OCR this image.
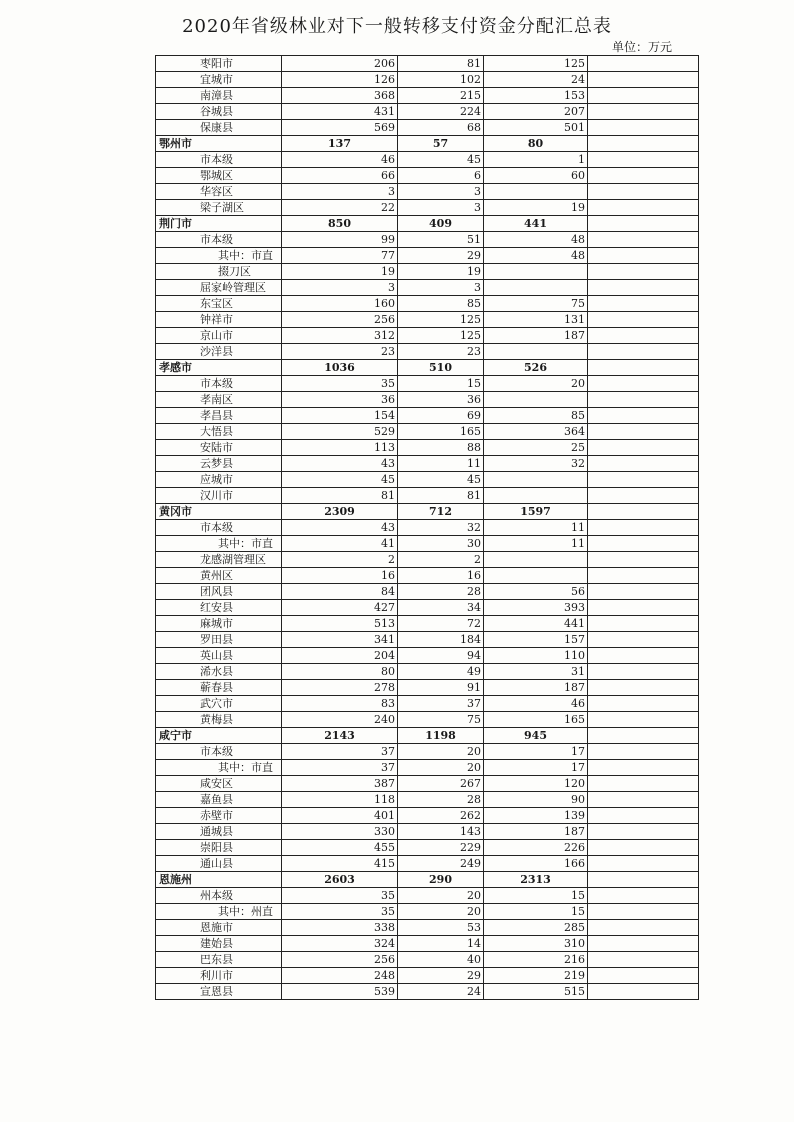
2020年省级林业对下一般转移支付资金分配汇总表
单位：万元
枣阳市	206	81	125	
宜城市	126	102	24	
南漳县	368	215	153	
谷城县	431	224	207	
保康县	569	68	501	
鄂州市	137	57	80	
市本级	46	45	1	
鄂城区	66	6	60	
华容区	3	3		
梁子湖区	22	3	19	
荆门市	850	409	441	
市本级	99	51	48	
其中：市直	77	29	48	
掇刀区	19	19		
屈家岭管理区	3	3		
东宝区	160	85	75	
钟祥市	256	125	131	
京山市	312	125	187	
沙洋县	23	23		
孝感市	1036	510	526	
市本级	35	15	20	
孝南区	36	36		
孝昌县	154	69	85	
大悟县	529	165	364	
安陆市	113	88	25	
云梦县	43	11	32	
应城市	45	45		
汉川市	81	81		
黄冈市	2309	712	1597	
市本级	43	32	11	
其中：市直	41	30	11	
龙感湖管理区	2	2		
黄州区	16	16		
团风县	84	28	56	
红安县	427	34	393	
麻城市	513	72	441	
罗田县	341	184	157	
英山县	204	94	110	
浠水县	80	49	31	
蕲春县	278	91	187	
武穴市	83	37	46	
黄梅县	240	75	165	
咸宁市	2143	1198	945	
市本级	37	20	17	
其中：市直	37	20	17	
咸安区	387	267	120	
嘉鱼县	118	28	90	
赤壁市	401	262	139	
通城县	330	143	187	
崇阳县	455	229	226	
通山县	415	249	166	
恩施州	2603	290	2313	
州本级	35	20	15	
其中：州直	35	20	15	
恩施市	338	53	285	
建始县	324	14	310	
巴东县	256	40	216	
利川市	248	29	219	
宣恩县	539	24	515	
